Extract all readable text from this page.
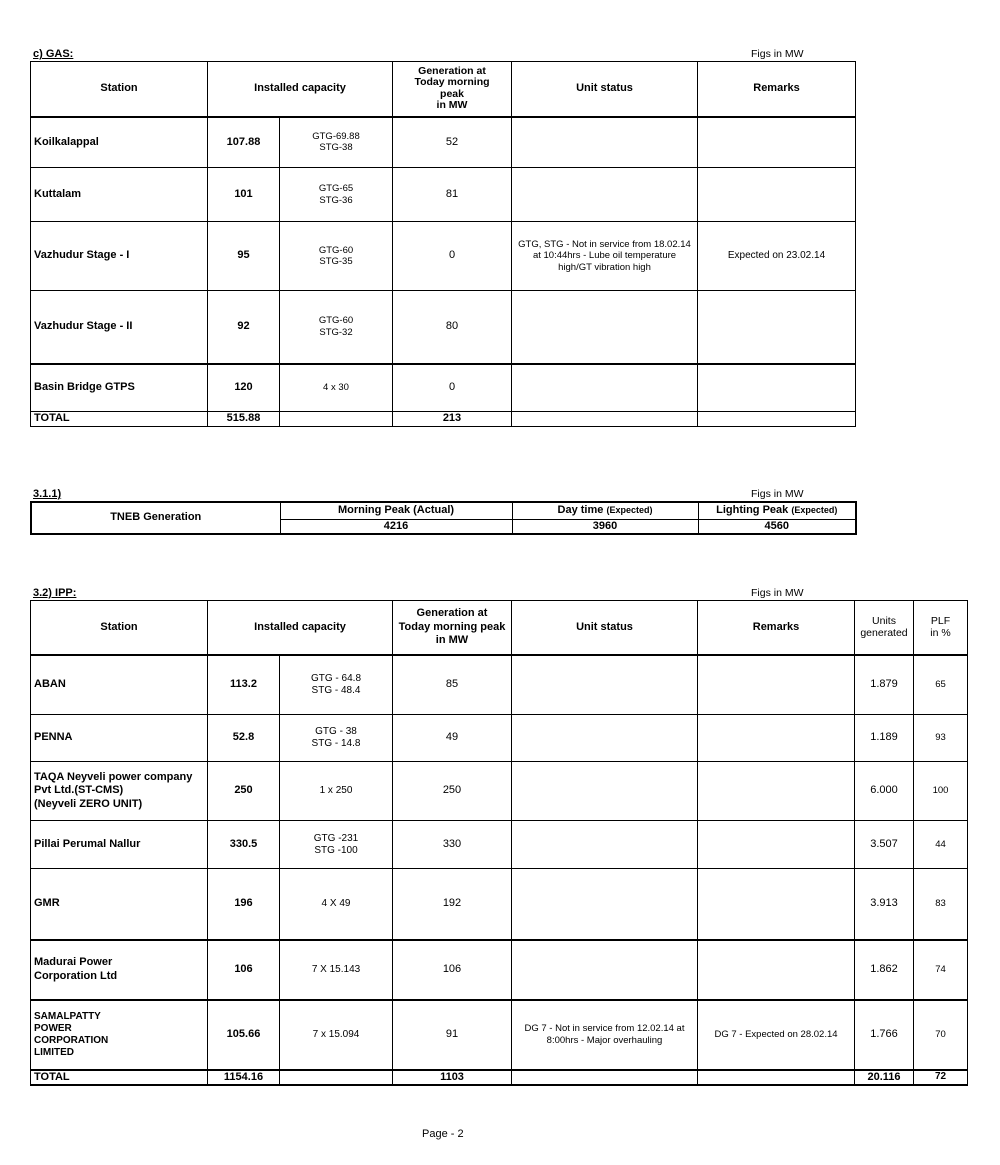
c) GAS:	Figs in MW
Station	Installed capacity		Generation at
Today morning
peak
in MW	Unit status	Remarks
Koilkalappal	107.88	GTG-69.88
STG-38	52		
Kuttalam	101	GTG-65
STG-36	81		
Vazhudur Stage - I	95	GTG-60
STG-35	0	GTG, STG - Not in service from 18.02.14 at 10:44hrs - Lube oil temperature high/GT vibration high	Expected on 23.02.14
Vazhudur Stage - II	92	GTG-60
STG-32	80		
Basin Bridge GTPS	120	4 x 30	0		
TOTAL	515.88		213		
3.1.1)	Figs in MW
TNEB Generation	Morning Peak (Actual)	Day time (Expected)	Lighting Peak (Expected)
	4216	3960	4560
3.2) IPP:	Figs in MW
Station	Installed capacity		Generation at
Today morning peak
in MW	Unit status	Remarks	Units
generated	PLF
in %
ABAN	113.2	GTG - 64.8
STG - 48.4	85			1.879	65
PENNA	52.8	GTG - 38
STG - 14.8	49			1.189	93
TAQA Neyveli power company
Pvt Ltd.(ST-CMS)
(Neyveli ZERO UNIT)	250	1 x 250	250			6.000	100
Pillai Perumal Nallur	330.5	GTG -231
STG -100	330			3.507	44
GMR	196	4 X 49	192			3.913	83
Madurai Power
Corporation Ltd	106	7 X 15.143	106			1.862	74
SAMALPATTY
POWER
CORPORATION
LIMITED	105.66	7 x 15.094	91	DG 7 - Not in service from 12.02.14 at 8:00hrs - Major overhauling	DG 7 - Expected on 28.02.14	1.766	70
TOTAL	1154.16		1103			20.116	72
Page - 2
